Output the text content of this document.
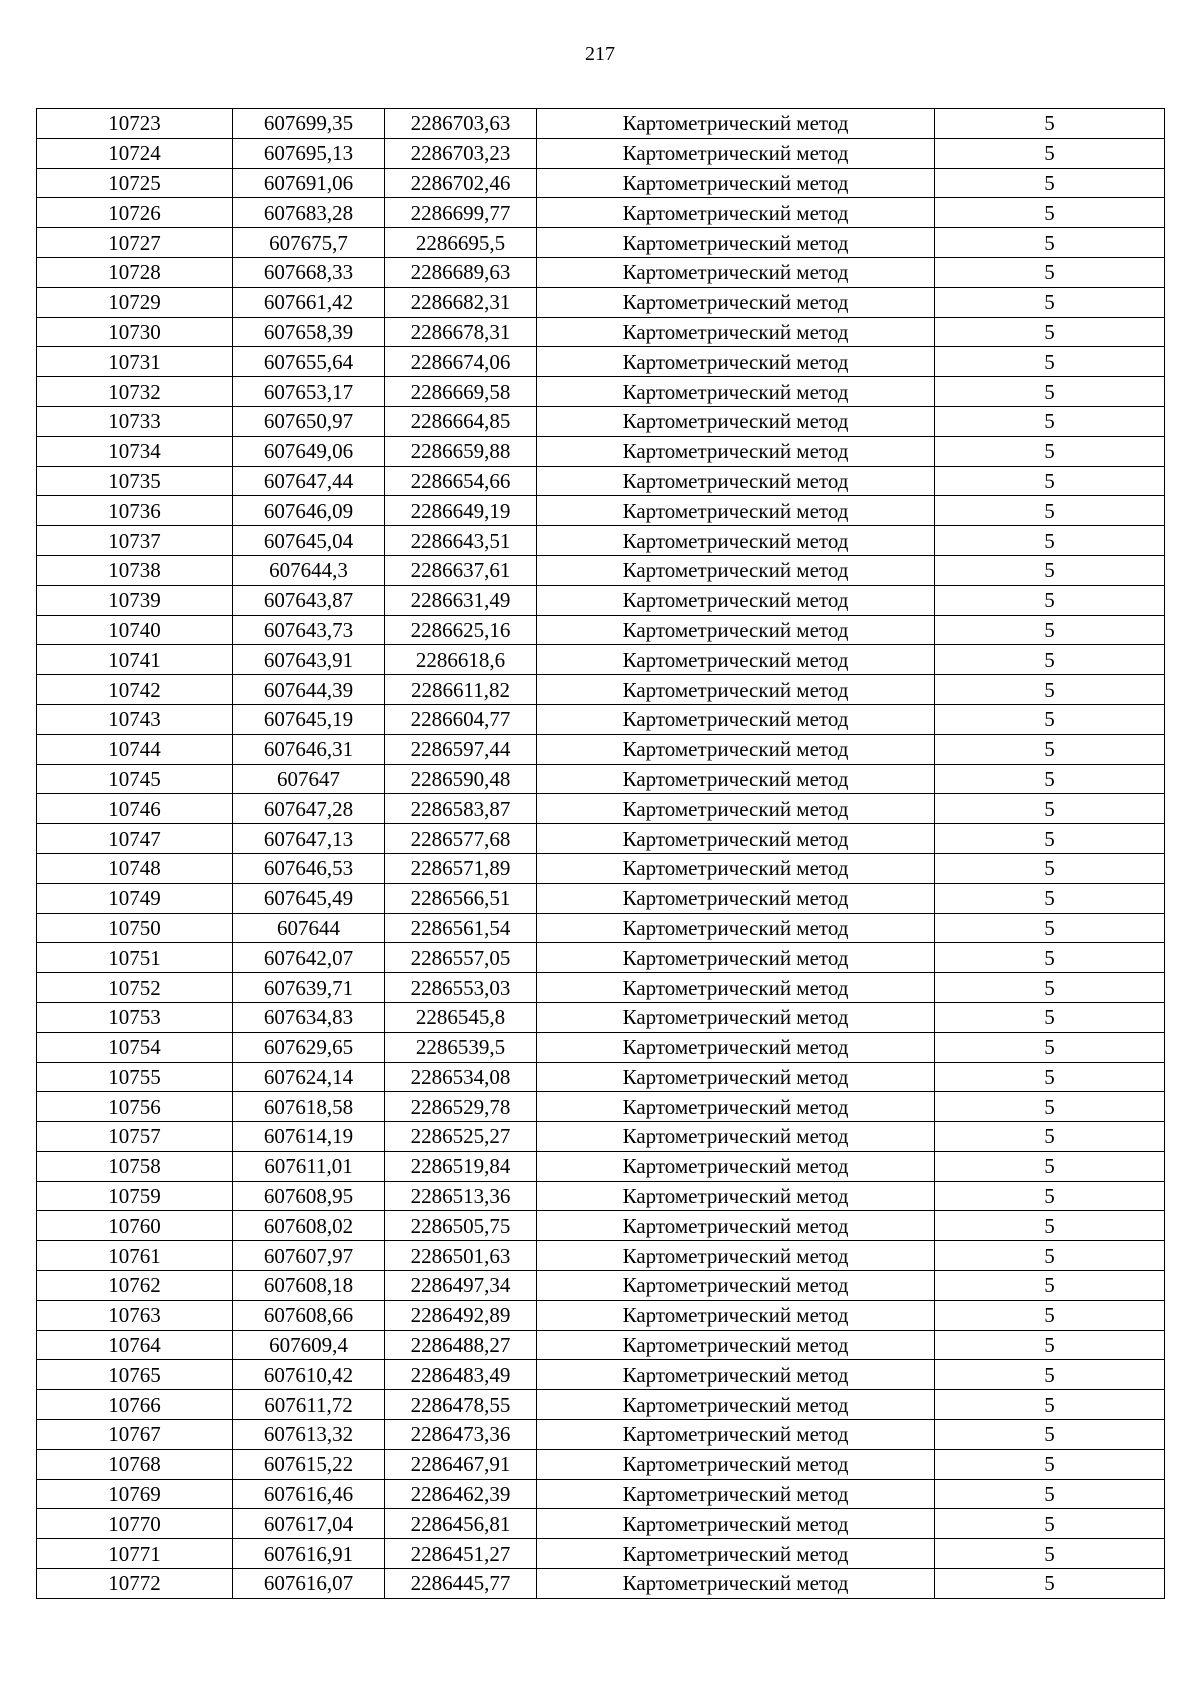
217
10723	607699,35	2286703,63	Картометрический метод	5
10724	607695,13	2286703,23	Картометрический метод	5
10725	607691,06	2286702,46	Картометрический метод	5
10726	607683,28	2286699,77	Картометрический метод	5
10727	607675,7	2286695,5	Картометрический метод	5
10728	607668,33	2286689,63	Картометрический метод	5
10729	607661,42	2286682,31	Картометрический метод	5
10730	607658,39	2286678,31	Картометрический метод	5
10731	607655,64	2286674,06	Картометрический метод	5
10732	607653,17	2286669,58	Картометрический метод	5
10733	607650,97	2286664,85	Картометрический метод	5
10734	607649,06	2286659,88	Картометрический метод	5
10735	607647,44	2286654,66	Картометрический метод	5
10736	607646,09	2286649,19	Картометрический метод	5
10737	607645,04	2286643,51	Картометрический метод	5
10738	607644,3	2286637,61	Картометрический метод	5
10739	607643,87	2286631,49	Картометрический метод	5
10740	607643,73	2286625,16	Картометрический метод	5
10741	607643,91	2286618,6	Картометрический метод	5
10742	607644,39	2286611,82	Картометрический метод	5
10743	607645,19	2286604,77	Картометрический метод	5
10744	607646,31	2286597,44	Картометрический метод	5
10745	607647	2286590,48	Картометрический метод	5
10746	607647,28	2286583,87	Картометрический метод	5
10747	607647,13	2286577,68	Картометрический метод	5
10748	607646,53	2286571,89	Картометрический метод	5
10749	607645,49	2286566,51	Картометрический метод	5
10750	607644	2286561,54	Картометрический метод	5
10751	607642,07	2286557,05	Картометрический метод	5
10752	607639,71	2286553,03	Картометрический метод	5
10753	607634,83	2286545,8	Картометрический метод	5
10754	607629,65	2286539,5	Картометрический метод	5
10755	607624,14	2286534,08	Картометрический метод	5
10756	607618,58	2286529,78	Картометрический метод	5
10757	607614,19	2286525,27	Картометрический метод	5
10758	607611,01	2286519,84	Картометрический метод	5
10759	607608,95	2286513,36	Картометрический метод	5
10760	607608,02	2286505,75	Картометрический метод	5
10761	607607,97	2286501,63	Картометрический метод	5
10762	607608,18	2286497,34	Картометрический метод	5
10763	607608,66	2286492,89	Картометрический метод	5
10764	607609,4	2286488,27	Картометрический метод	5
10765	607610,42	2286483,49	Картометрический метод	5
10766	607611,72	2286478,55	Картометрический метод	5
10767	607613,32	2286473,36	Картометрический метод	5
10768	607615,22	2286467,91	Картометрический метод	5
10769	607616,46	2286462,39	Картометрический метод	5
10770	607617,04	2286456,81	Картометрический метод	5
10771	607616,91	2286451,27	Картометрический метод	5
10772	607616,07	2286445,77	Картометрический метод	5
